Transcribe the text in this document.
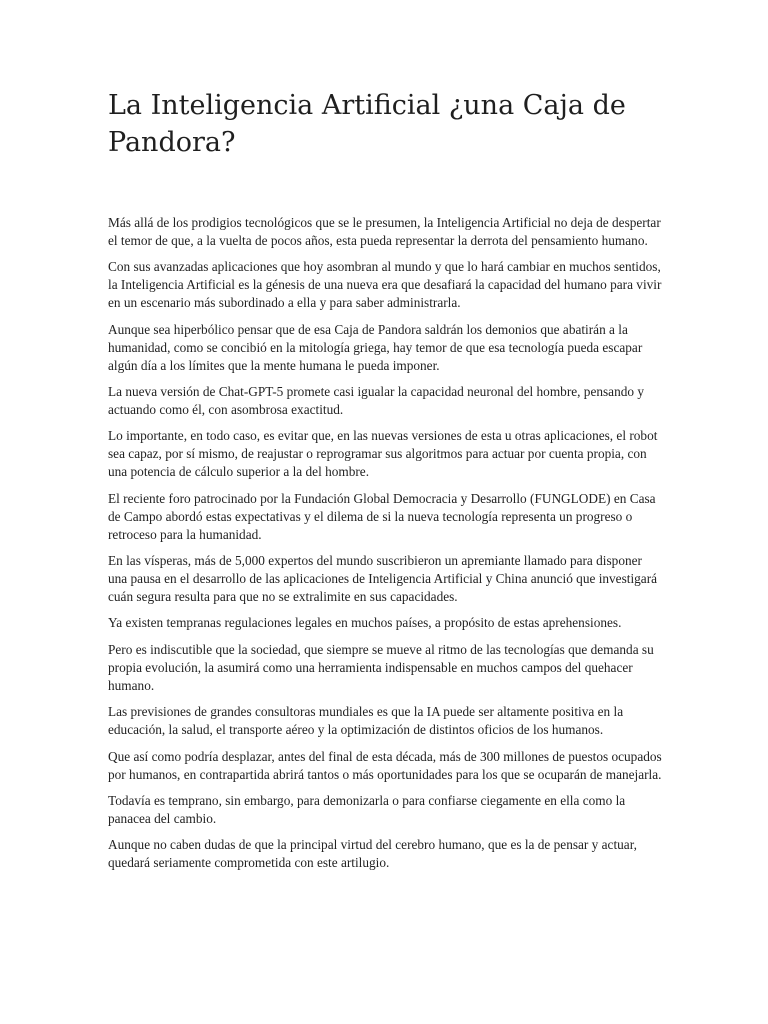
La Inteligencia Artificial ¿una Caja de Pandora?

Más allá de los prodigios tecnológicos que se le presumen, la Inteligencia Artificial no deja de despertar el temor de que, a la vuelta de pocos años, esta pueda representar la derrota del pensamiento humano.

Con sus avanzadas aplicaciones que hoy asombran al mundo y que lo hará cambiar en muchos sentidos, la Inteligencia Artificial es la génesis de una nueva era que desafiará la capacidad del humano para vivir en un escenario más subordinado a ella y para saber administrarla.

Aunque sea hiperbólico pensar que de esa Caja de Pandora saldrán los demonios que abatirán a la humanidad, como se concibió en la mitología griega, hay temor de que esa tecnología pueda escapar algún día a los límites que la mente humana le pueda imponer.

La nueva versión de Chat-GPT-5 promete casi igualar la capacidad neuronal del hombre, pensando y actuando como él, con asombrosa exactitud.

Lo importante, en todo caso, es evitar que, en las nuevas versiones de esta u otras aplicaciones, el robot sea capaz, por sí mismo, de reajustar o reprogramar sus algoritmos para actuar por cuenta propia, con una potencia de cálculo superior a la del hombre.

El reciente foro patrocinado por la Fundación Global Democracia y Desarrollo (FUNGLODE) en Casa de Campo abordó estas expectativas y el dilema de si la nueva tecnología representa un progreso o retroceso para la humanidad.

En las vísperas, más de 5,000 expertos del mundo suscribieron un apremiante llamado para disponer una pausa en el desarrollo de las aplicaciones de Inteligencia Artificial y China anunció que investigará cuán segura resulta para que no se extralimite en sus capacidades.

Ya existen tempranas regulaciones legales en muchos países, a propósito de estas aprehensiones.

Pero es indiscutible que la sociedad, que siempre se mueve al ritmo de las tecnologías que demanda su propia evolución, la asumirá como una herramienta indispensable en muchos campos del quehacer humano.

Las previsiones de grandes consultoras mundiales es que la IA puede ser altamente positiva en la educación, la salud, el transporte aéreo y la optimización de distintos oficios de los humanos.

Que así como podría desplazar, antes del final de esta década, más de 300 millones de puestos ocupados por humanos, en contrapartida abrirá tantos o más oportunidades para los que se ocuparán de manejarla.

Todavía es temprano, sin embargo, para demonizarla o para confiarse ciegamente en ella como la panacea del cambio.

Aunque no caben dudas de que la principal virtud del cerebro humano, que es la de pensar y actuar, quedará seriamente comprometida con este artilugio.
